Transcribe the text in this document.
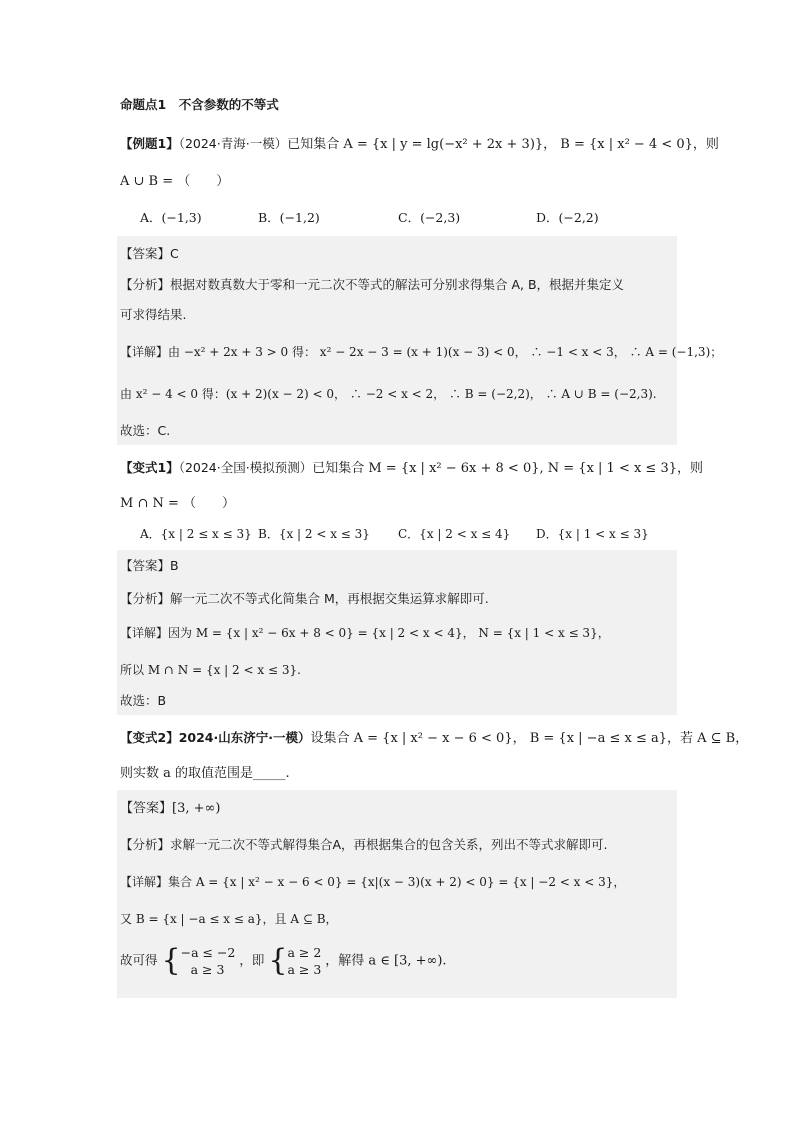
命题点1　不含参数的不等式
【例题1】（2024·青海·一模）已知集合 A = {x | y = lg(−x² + 2x + 3)}， B = {x | x² − 4 < 0}，则
A ∪ B = （　　）
A．(−1,3)	B．(−1,2)	C．(−2,3)	D．(−2,2)
【答案】C
【分析】根据对数真数大于零和一元二次不等式的解法可分别求得集合 A, B，根据并集定义
可求得结果.
【详解】由 −x² + 2x + 3 > 0 得： x² − 2x − 3 = (x + 1)(x − 3) < 0， ∴ −1 < x < 3， ∴ A = (−1,3)；
由 x² − 4 < 0 得：(x + 2)(x − 2) < 0， ∴ −2 < x < 2， ∴ B = (−2,2)， ∴ A ∪ B = (−2,3).
故选：C.
【变式1】（2024·全国·模拟预测）已知集合 M = {x | x² − 6x + 8 < 0}, N = {x | 1 < x ≤ 3}，则
M ∩ N = （　　）
A．{x | 2 ≤ x ≤ 3} B．{x | 2 < x ≤ 3} C．{x | 2 < x ≤ 4} D．{x | 1 < x ≤ 3}
【答案】B
【分析】解一元二次不等式化简集合 M，再根据交集运算求解即可.
【详解】因为 M = {x | x² − 6x + 8 < 0} = {x | 2 < x < 4}， N = {x | 1 < x ≤ 3}，
所以 M ∩ N = {x | 2 < x ≤ 3}.
故选：B
【变式2】2024·山东济宁·一模）设集合 A = {x | x² − x − 6 < 0}， B = {x | −a ≤ x ≤ a}，若 A ⊆ B，
则实数 a 的取值范围是_____.
【答案】[3, +∞)
【分析】求解一元二次不等式解得集合A，再根据集合的包含关系，列出不等式求解即可.
【详解】集合 A = {x | x² − x − 6 < 0} = {x|(x − 3)(x + 2) < 0} = {x | −2 < x < 3}，
又 B = {x | −a ≤ x ≤ a}，且 A ⊆ B，
故可得 {−a ≤ −2
a ≥ 3 ，即 {a ≥ 2
a ≥ 3 ，解得 a ∈ [3, +∞).
